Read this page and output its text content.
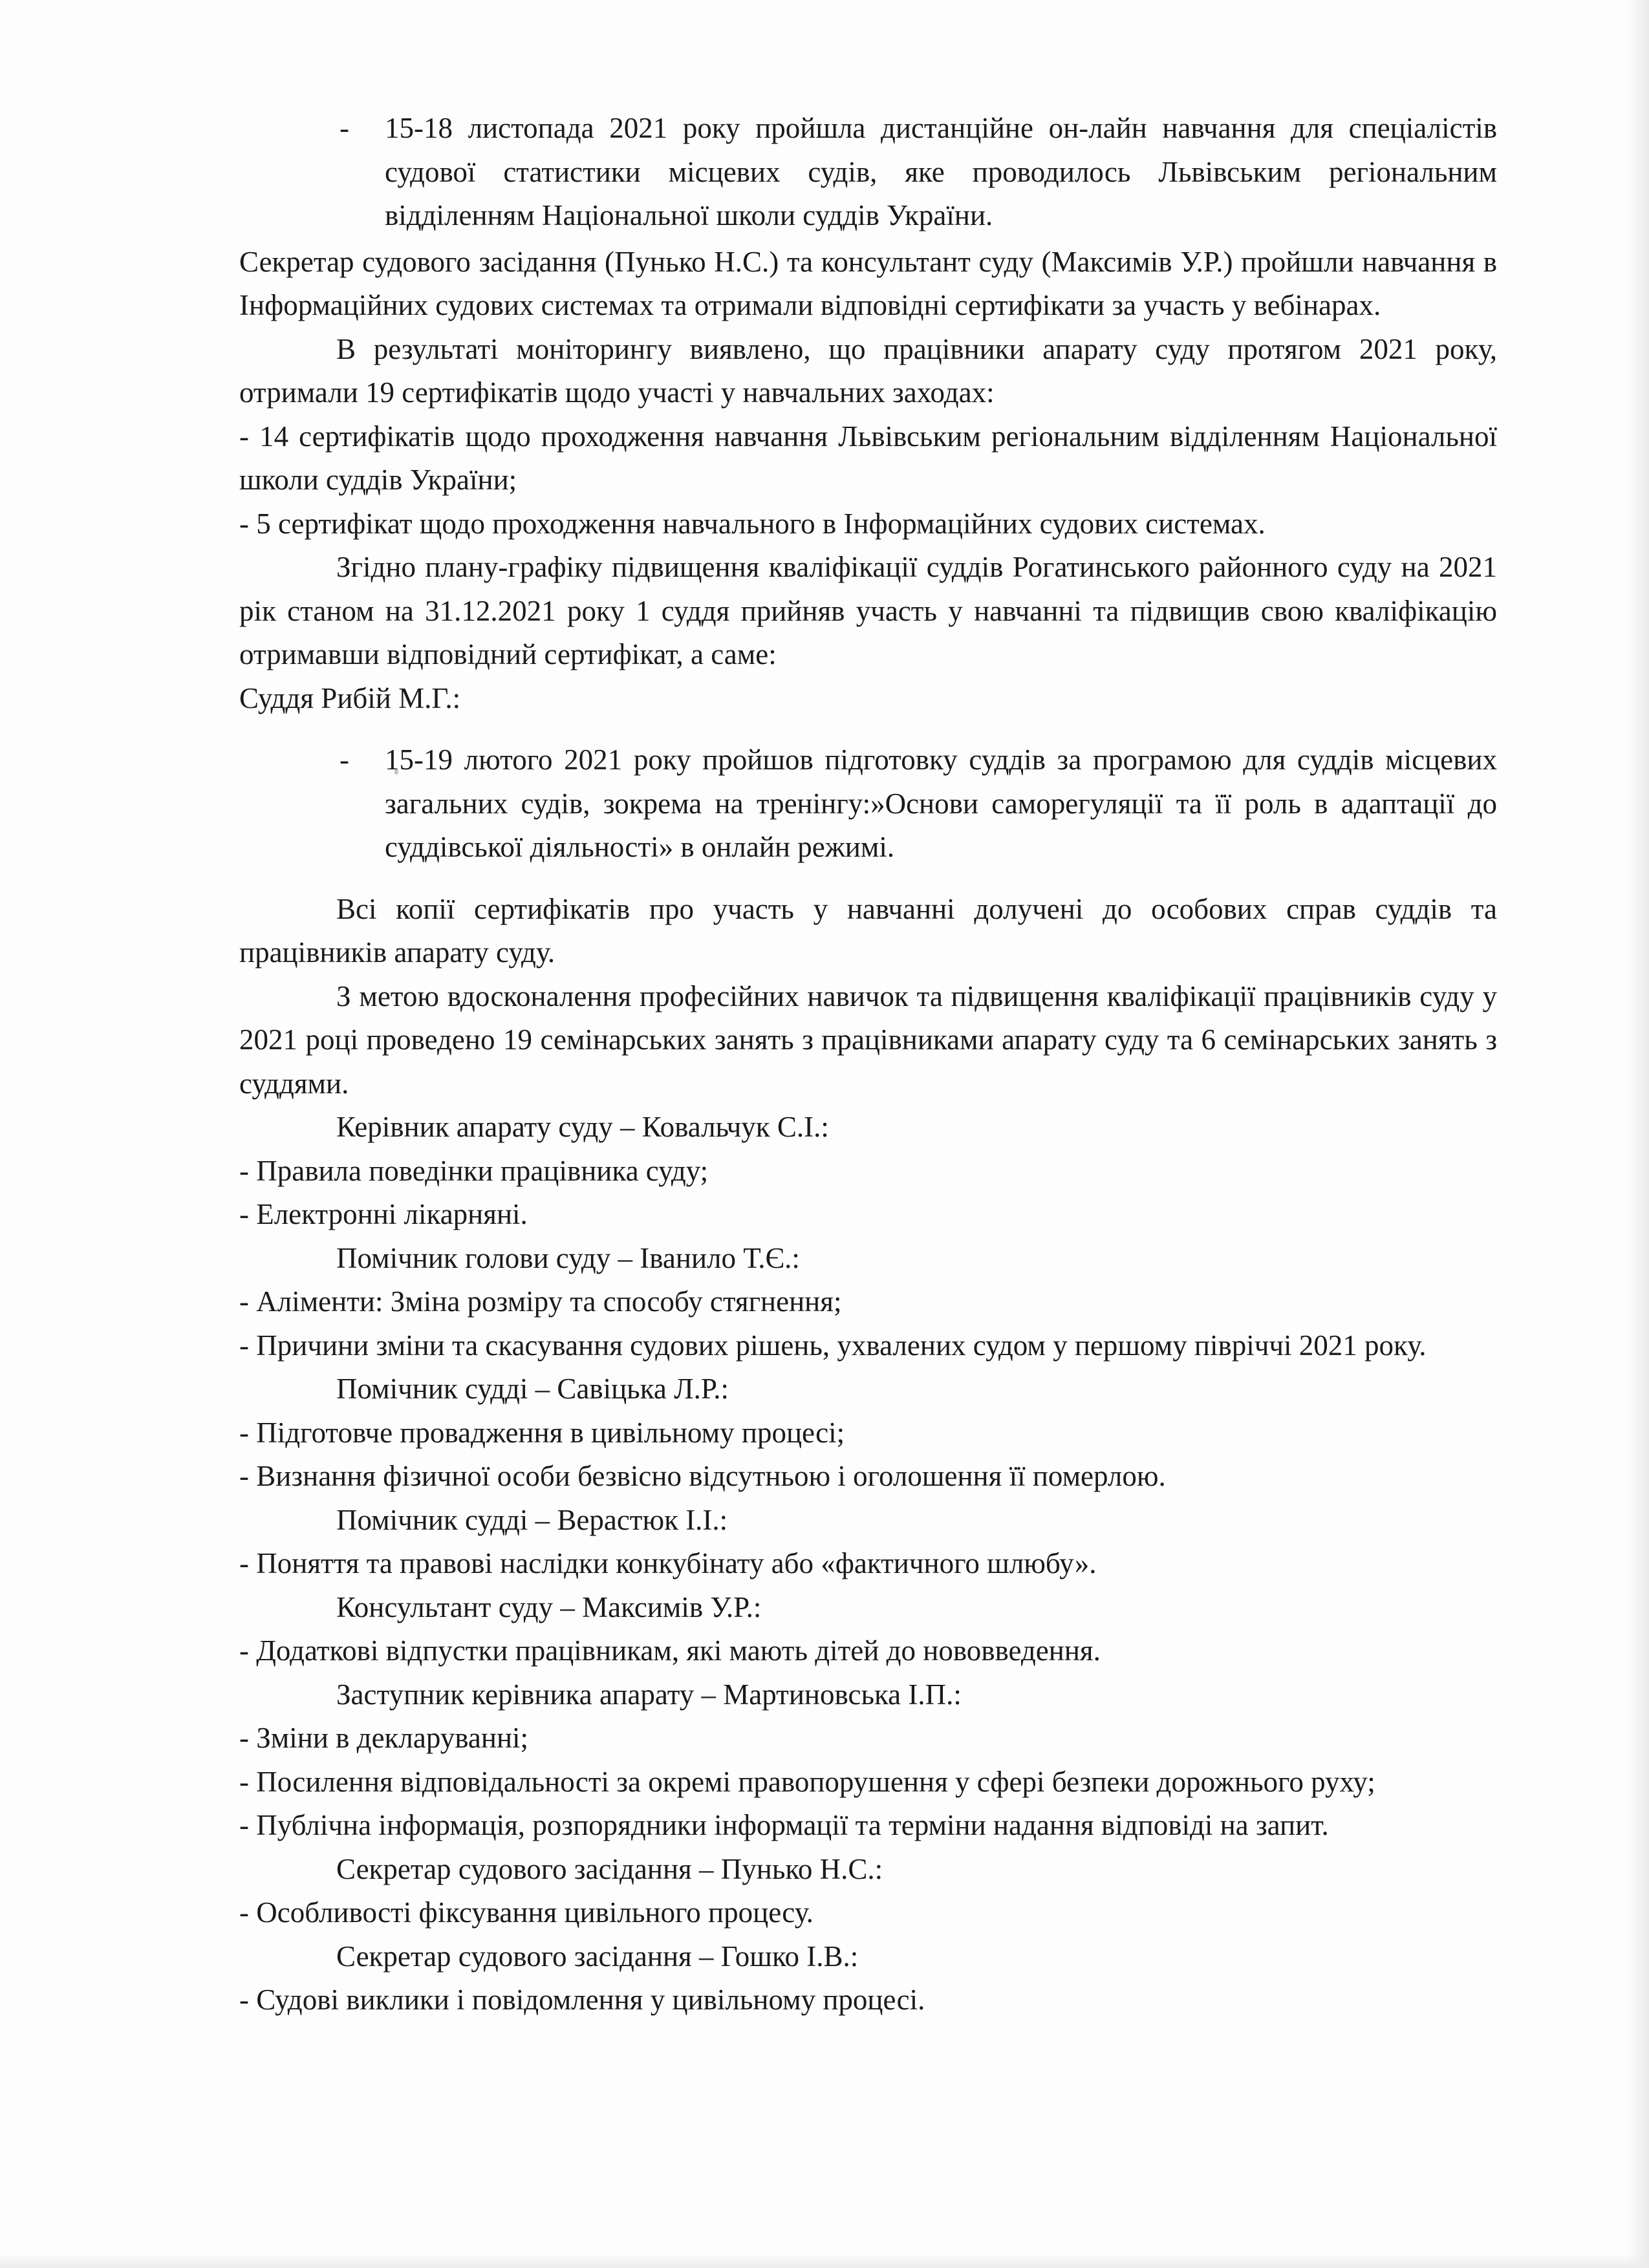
- 15-18 листопада 2021 року пройшла дистанційне он-лайн навчання для спеціалістів судової статистики місцевих судів, яке проводилось Львівським регіональним відділенням Національної школи суддів України.

Секретар судового засідання (Пунько Н.С.) та консультант суду (Максимів У.Р.) пройшли навчання в Інформаційних судових системах та отримали відповідні сертифікати за участь у вебінарах.

В результаті моніторингу виявлено, що працівники апарату суду протягом 2021 року, отримали 19 сертифікатів щодо участі у навчальних заходах:

- 14 сертифікатів щодо проходження навчання Львівським регіональним відділенням Національної школи суддів України;

- 5 сертифікат щодо проходження навчального в Інформаційних судових системах.

Згідно плану-графіку підвищення кваліфікації суддів Рогатинського районного суду на 2021 рік станом на 31.12.2021 року 1 суддя прийняв участь у навчанні та підвищив свою кваліфікацію отримавши відповідний сертифікат, а саме:

Суддя Рибій М.Г.:

- 15-19 лютого 2021 року пройшов підготовку суддів за програмою для суддів місцевих загальних судів, зокрема на тренінгу:»Основи саморегуляції та її роль в адаптації до суддівської діяльності» в онлайн режимі.

Всі копії сертифікатів про участь у навчанні долучені до особових справ суддів та працівників апарату суду.

З метою вдосконалення професійних навичок та підвищення кваліфікації працівників суду у 2021 році проведено 19 семінарських занять з працівниками апарату суду та 6 семінарських занять з суддями.

Керівник апарату суду – Ковальчук С.І.:

- Правила поведінки працівника суду;

- Електронні лікарняні.

Помічник голови суду – Іванило Т.Є.:

- Аліменти: Зміна розміру та способу стягнення;

- Причини зміни та скасування судових рішень, ухвалених судом у першому півріччі 2021 року.

Помічник судді – Савіцька Л.Р.:

- Підготовче провадження в цивільному процесі;

- Визнання фізичної особи безвісно відсутньою і оголошення її померлою.

Помічник судді – Верастюк І.І.:

- Поняття та правові наслідки конкубінату або «фактичного шлюбу».

Консультант суду – Максимів У.Р.:

- Додаткові відпустки працівникам, які мають дітей до нововведення.

Заступник керівника апарату – Мартиновська І.П.:

- Зміни в декларуванні;

- Посилення відповідальності за окремі правопорушення у сфері безпеки дорожнього руху;

- Публічна інформація, розпорядники інформації та терміни надання відповіді на запит.

Секретар судового засідання – Пунько Н.С.:

- Особливості фіксування цивільного процесу.

Секретар судового засідання – Гошко І.В.:

- Судові виклики і повідомлення у цивільному процесі.
